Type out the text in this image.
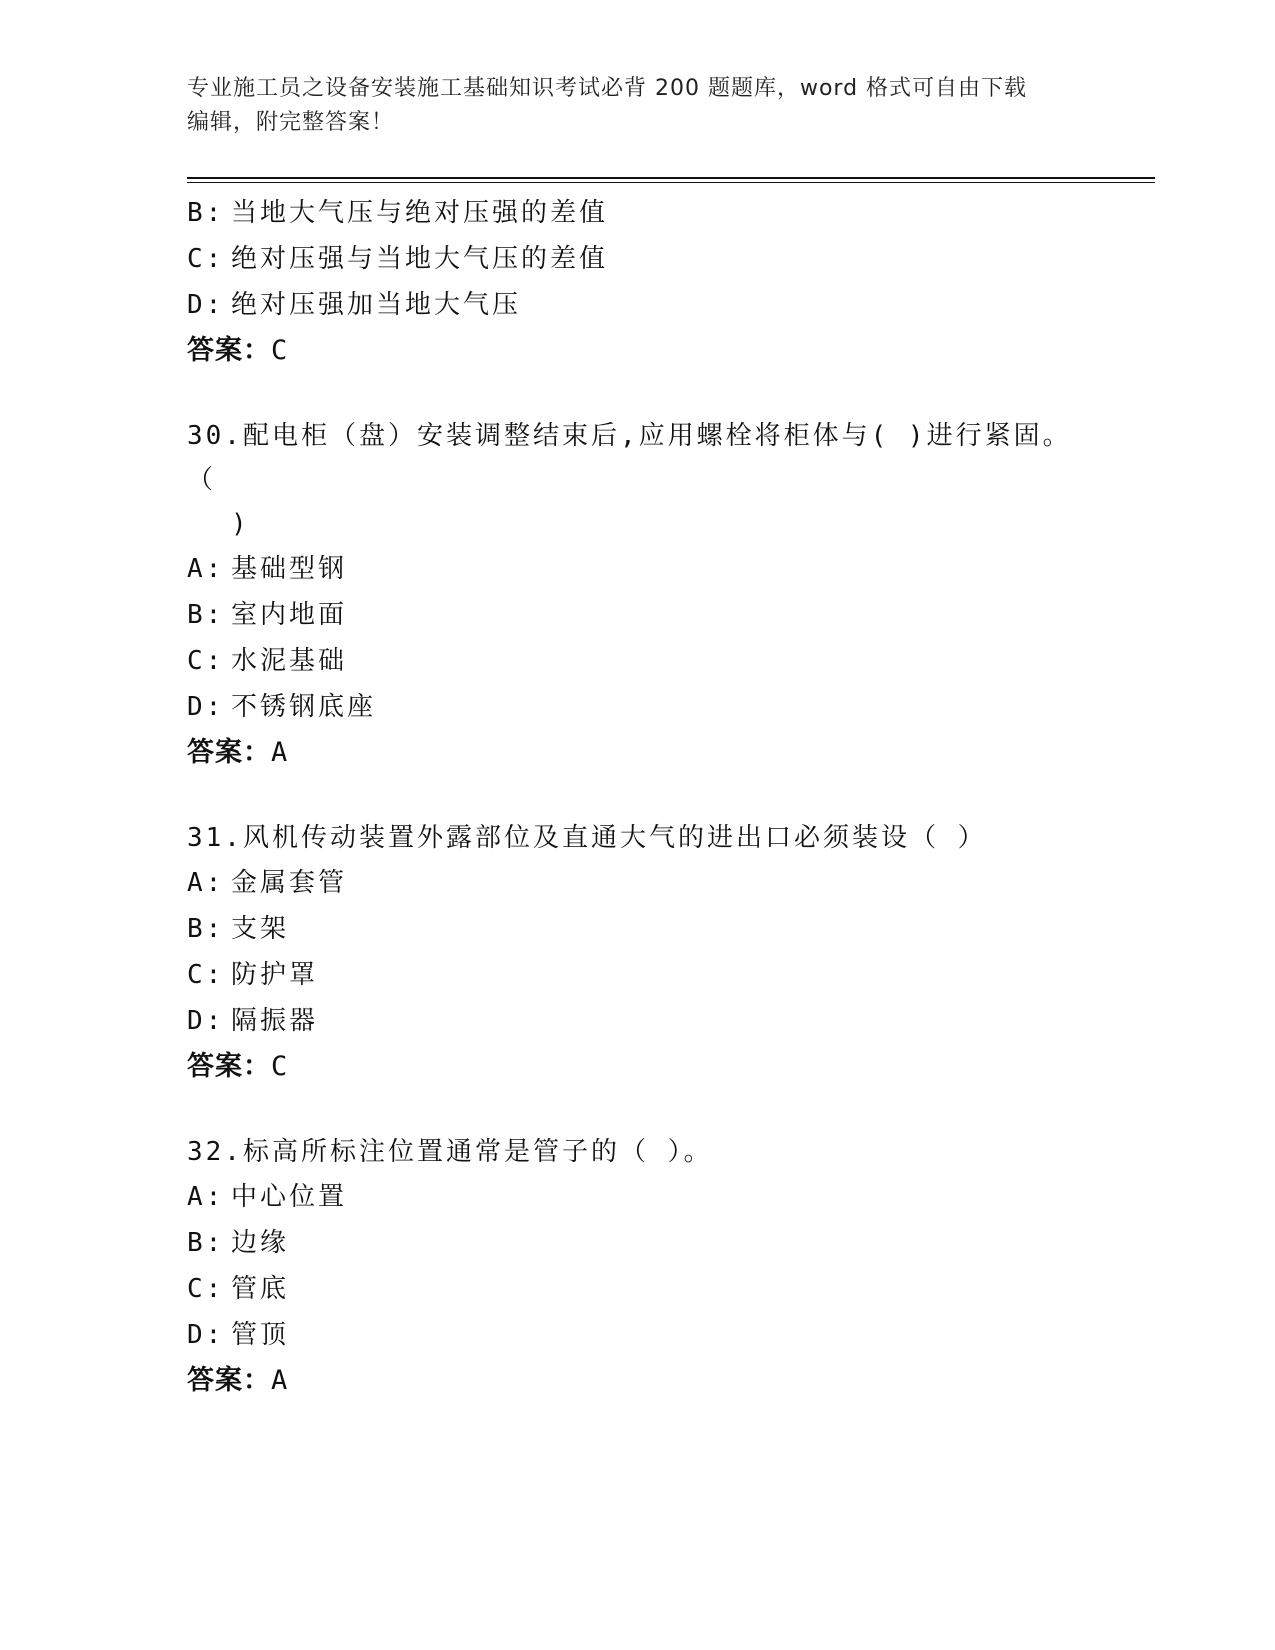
专业施工员之设备安装施工基础知识考试必背 200 题题库，word 格式可自由下载
编辑，附完整答案！
B: 当地大气压与绝对压强的差值
C: 绝对压强与当地大气压的差值
D: 绝对压强加当地大气压
答案：C
30.配电柜（盘）安装调整结束后,应用螺栓将柜体与( )进行紧固。（
)
A: 基础型钢
B: 室内地面
C: 水泥基础
D: 不锈钢底座
答案：A
31.风机传动装置外露部位及直通大气的进出口必须装设（ ）
A: 金属套管
B: 支架
C: 防护罩
D: 隔振器
答案：C
32.标高所标注位置通常是管子的（ ）。
A: 中心位置
B: 边缘
C: 管底
D: 管顶
答案：A
